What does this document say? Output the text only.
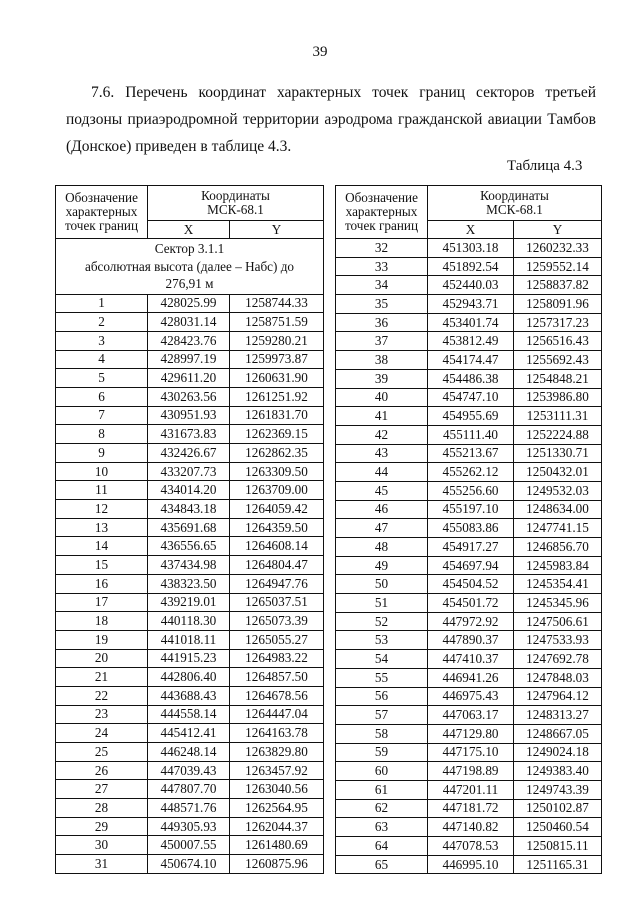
39
7.6. Перечень координат характерных точек границ секторов третьей
подзоны приаэродромной территории аэродрома гражданской авиации Тамбов
(Донское) приведен в таблице 4.3.
Таблица 4.3
Обозначение
характерных
точек границ	Координаты
МСК-68.1	

	X	Y

Сектор 3.1.1
абсолютная высота (далее – Набс) до
276,91 м		

1	428025.99	1258744.33
2	428031.14	1258751.59
3	428423.76	1259280.21
4	428997.19	1259973.87
5	429611.20	1260631.90
6	430263.56	1261251.92
7	430951.93	1261831.70
8	431673.83	1262369.15
9	432426.67	1262862.35
10	433207.73	1263309.50
11	434014.20	1263709.00
12	434843.18	1264059.42
13	435691.68	1264359.50
14	436556.65	1264608.14
15	437434.98	1264804.47
16	438323.50	1264947.76
17	439219.01	1265037.51
18	440118.30	1265073.39
19	441018.11	1265055.27
20	441915.23	1264983.22
21	442806.40	1264857.50
22	443688.43	1264678.56
23	444558.14	1264447.04
24	445412.41	1264163.78
25	446248.14	1263829.80
26	447039.43	1263457.92
27	447807.70	1263040.56
28	448571.76	1262564.95
29	449305.93	1262044.37
30	450007.55	1261480.69
31	450674.10	1260875.96
Обозначение
характерных
точек границ	Координаты
МСК-68.1	

	X	Y
32	451303.18	1260232.33
33	451892.54	1259552.14
34	452440.03	1258837.82
35	452943.71	1258091.96
36	453401.74	1257317.23
37	453812.49	1256516.43
38	454174.47	1255692.43
39	454486.38	1254848.21
40	454747.10	1253986.80
41	454955.69	1253111.31
42	455111.40	1252224.88
43	455213.67	1251330.71
44	455262.12	1250432.01
45	455256.60	1249532.03
46	455197.10	1248634.00
47	455083.86	1247741.15
48	454917.27	1246856.70
49	454697.94	1245983.84
50	454504.52	1245354.41
51	454501.72	1245345.96
52	447972.92	1247506.61
53	447890.37	1247533.93
54	447410.37	1247692.78
55	446941.26	1247848.03
56	446975.43	1247964.12
57	447063.17	1248313.27
58	447129.80	1248667.05
59	447175.10	1249024.18
60	447198.89	1249383.40
61	447201.11	1249743.39
62	447181.72	1250102.87
63	447140.82	1250460.54
64	447078.53	1250815.11
65	446995.10	1251165.31
